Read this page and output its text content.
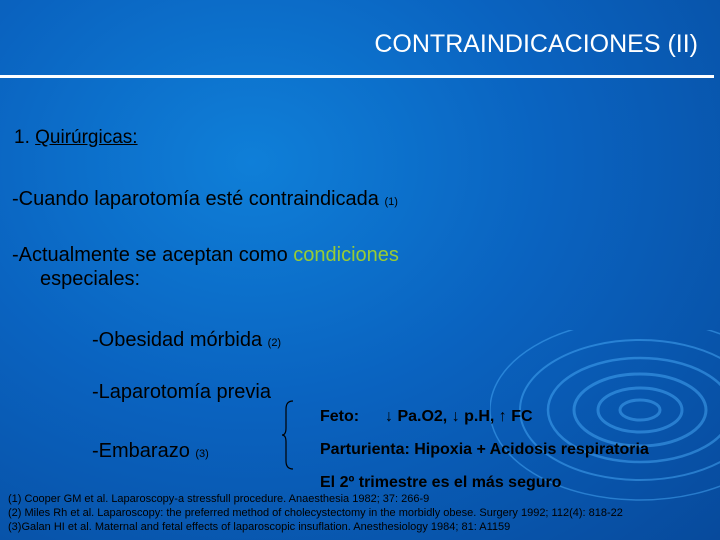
CONTRAINDICACIONES (II)
1. Quirúrgicas:
-Cuando laparotomía esté contraindicada (1)
-Actualmente se aceptan como condiciones
especiales:
-Obesidad mórbida (2)
-Laparotomía previa
-Embarazo (3)
Feto: ↓ Pa.O2, ↓ p.H, ↑ FC
Parturienta: Hipoxia + Acidosis respiratoria
El 2º trimestre es el más seguro
(1) Cooper GM et al. Laparoscopy-a stressfull procedure. Anaesthesia 1982; 37: 266-9
(2) Miles Rh et al. Laparoscopy: the preferred method of cholecystectomy in the morbidly obese. Surgery 1992; 112(4): 818-22
(3)Galan HI et al. Maternal and fetal effects of laparoscopic insuflation. Anesthesiology 1984; 81: A1159
